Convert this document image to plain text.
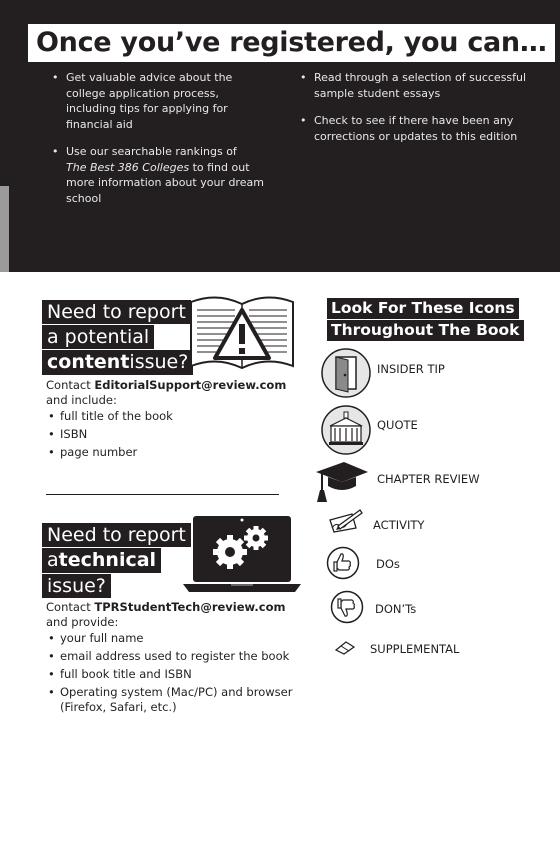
Once you’ve registered, you can…
• Get valuable advice about the college application process, including tips for applying for financial aid
• Use our searchable rankings of
The Best 386 Colleges to find out more information about your dream school
• Read through a selection of successful sample student essays
• Check to see if there have been any corrections or updates to this edition
Need to report
a potential
contentissue?
Contact EditorialSupport@review.com
and include:
• full title of the book
• ISBN
• page number
Need to report
atechnical
issue?
Contact TPRStudentTech@review.com
and provide:
• your full name
• email address used to register the book
• full book title and ISBN
• Operating system (Mac/PC) and browser (Firefox, Safari, etc.)
Look For These Icons
Throughout The Book
INSIDER TIP
QUOTE
CHAPTER REVIEW
ACTIVITY
DOs
DON’Ts
SUPPLEMENTAL
